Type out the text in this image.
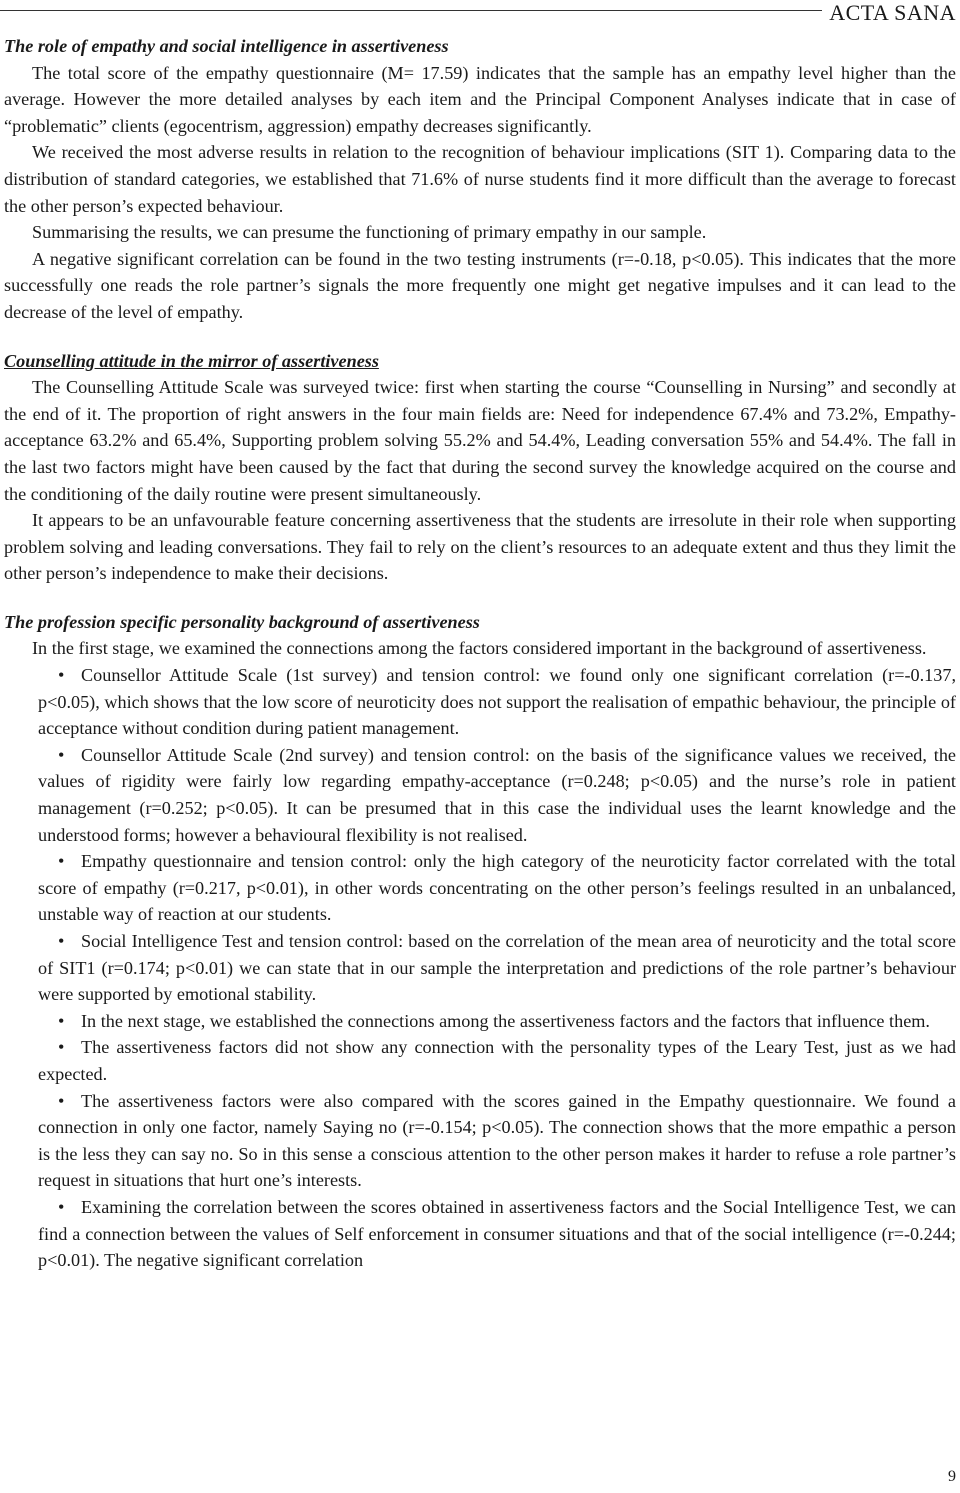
ACTA SANA
The role of empathy and social intelligence in assertiveness

The total score of the empathy questionnaire (M= 17.59) indicates that the sample has an empathy level higher than the average. However the more detailed analyses by each item and the Principal Component Analyses indicate that in case of “problematic” clients (egocentrism, aggression) empathy decreases significantly.

We received the most adverse results in relation to the recognition of behaviour implications (SIT 1). Comparing data to the distribution of standard categories, we established that 71.6% of nurse students find it more difficult than the average to forecast the other person’s expected behaviour.

Summarising the results, we can presume the functioning of primary empathy in our sample.

A negative significant correlation can be found in the two testing instruments (r=-0.18, p<0.05). This indicates that the more successfully one reads the role partner’s signals the more frequently one might get negative impulses and it can lead to the decrease of the level of empathy.

Counselling attitude in the mirror of assertiveness

The Counselling Attitude Scale was surveyed twice: first when starting the course “Counselling in Nursing” and secondly at the end of it. The proportion of right answers in the four main fields are: Need for independence 67.4% and 73.2%, Empathy-acceptance 63.2% and 65.4%, Supporting problem solving 55.2% and 54.4%, Leading conversation 55% and 54.4%. The fall in the last two factors might have been caused by the fact that during the second survey the knowledge acquired on the course and the conditioning of the daily routine were present simultaneously.

It appears to be an unfavourable feature concerning assertiveness that the students are irresolute in their role when supporting problem solving and leading conversations. They fail to rely on the client’s resources to an adequate extent and thus they limit the other person’s independence to make their decisions.

The profession specific personality background of assertiveness

In the first stage, we examined the connections among the factors considered important in the background of assertiveness.

• Counsellor Attitude Scale (1st survey) and tension control: we found only one significant correlation (r=-0.137, p<0.05), which shows that the low score of neuroticity does not support the realisation of empathic behaviour, the principle of acceptance without condition during patient management.

• Counsellor Attitude Scale (2nd survey) and tension control: on the basis of the significance values we received, the values of rigidity were fairly low regarding empathy-acceptance (r=0.248; p<0.05) and the nurse’s role in patient management (r=0.252; p<0.05). It can be presumed that in this case the individual uses the learnt knowledge and the understood forms; however a behavioural flexibility is not realised.

• Empathy questionnaire and tension control: only the high category of the neuroticity factor correlated with the total score of empathy (r=0.217, p<0.01), in other words concentrating on the other person’s feelings resulted in an unbalanced, unstable way of reaction at our students.

• Social Intelligence Test and tension control: based on the correlation of the mean area of neuroticity and the total score of SIT1 (r=0.174; p<0.01) we can state that in our sample the interpretation and predictions of the role partner’s behaviour were supported by emotional stability.

• In the next stage, we established the connections among the assertiveness factors and the factors that influence them.

• The assertiveness factors did not show any connection with the personality types of the Leary Test, just as we had expected.

• The assertiveness factors were also compared with the scores gained in the Empathy questionnaire. We found a connection in only one factor, namely Saying no (r=-0.154; p<0.05). The connection shows that the more empathic a person is the less they can say no. So in this sense a conscious attention to the other person makes it harder to refuse a role partner’s request in situations that hurt one’s interests.

• Examining the correlation between the scores obtained in assertiveness factors and the Social Intelligence Test, we can find a connection between the values of Self enforcement in consumer situations and that of the social intelligence (r=-0.244; p<0.01). The negative significant correlation

9
